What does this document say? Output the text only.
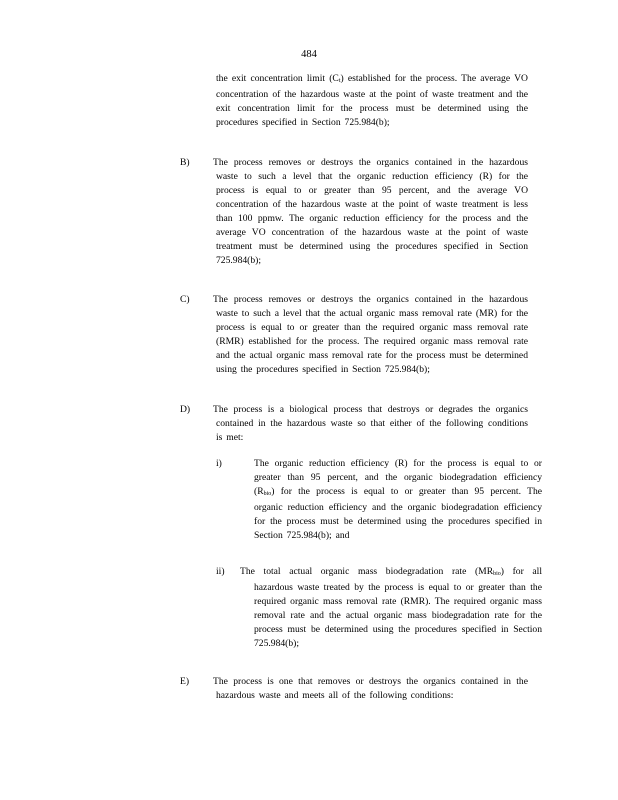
484
the exit concentration limit $(C_t)$ established for the process. The average VO concentration of the hazardous waste at the point of waste treatment and the exit concentration limit for the process must be determined using the procedures specified in Section 725.984(b);
B) The process removes or destroys the organics contained in the hazardous waste to such a level that the organic reduction efficiency (R) for the process is equal to or greater than 95 percent, and the average VO concentration of the hazardous waste at the point of waste treatment is less than 100 ppmw. The organic reduction efficiency for the process and the average VO concentration of the hazardous waste at the point of waste treatment must be determined using the procedures specified in Section 725.984(b);
C) The process removes or destroys the organics contained in the hazardous waste to such a level that the actual organic mass removal rate (MR) for the process is equal to or greater than the required organic mass removal rate (RMR) established for the process. The required organic mass removal rate and the actual organic mass removal rate for the process must be determined using the procedures specified in Section 725.984(b);
D) The process is a biological process that destroys or degrades the organics contained in the hazardous waste so that either of the following conditions is met:
i)	The organic reduction efficiency (R) for the process is equal to or greater than 95 percent, and the organic biodegradation efficiency $(R_{bio})$ for the process is equal to or greater than 95 percent. The organic reduction efficiency and the organic biodegradation efficiency for the process must be determined using the procedures specified in Section 725.984(b); and
ii) The total actual organic mass biodegradation rate $(MR_{bio})$ for all hazardous waste treated by the process is equal to or greater than the required organic mass removal rate (RMR). The required organic mass removal rate and the actual organic mass biodegradation rate for the process must be determined using the procedures specified in Section 725.984(b);
E) The process is one that removes or destroys the organics contained in the hazardous waste and meets all of the following conditions:
